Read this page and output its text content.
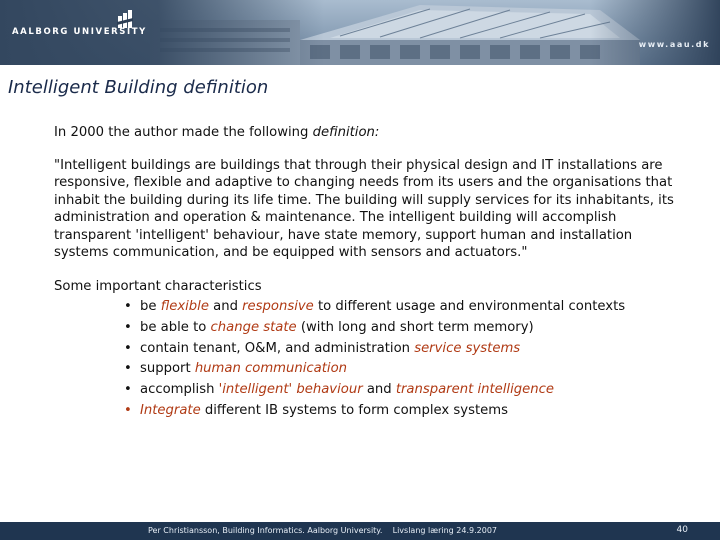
AALBORG UNIVERSITY
www.aau.dk
Intelligent Building definition

In 2000 the author made the following definition:

"Intelligent buildings are buildings that through their physical design and IT installations are responsive, flexible and adaptive to changing needs from its users and the organisations that inhabit the building during its life time. The building will supply services for its inhabitants, its administration and operation & maintenance. The intelligent building will accomplish transparent 'intelligent' behaviour, have state memory, support human and installation systems communication, and be equipped with sensors and actuators."

Some important characteristics

• be flexible and responsive to different usage and environmental contexts
• be able to change state (with long and short term memory)
• contain tenant, O&M, and administration service systems
• support human communication
• accomplish 'intelligent' behaviour and transparent intelligence
• Integrate different IB systems to form complex systems
Per Christiansson, Building Informatics. Aalborg University.    Livslang læring 24.9.2007	40
